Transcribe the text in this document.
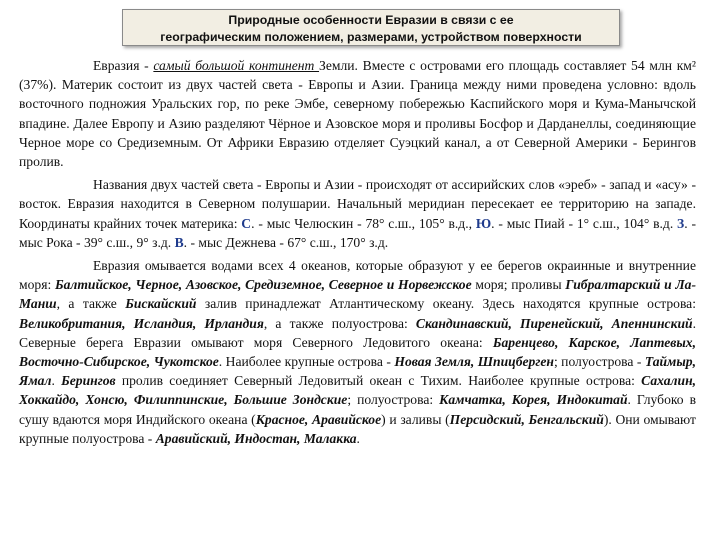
Природные особенности Евразии в связи с ее
географическим положением, размерами, устройством поверхности

Евразия - самый большой континент Земли. Вместе с островами его площадь составляет 54 млн км² (37%). Материк состоит из двух частей света - Европы и Азии. Граница между ними проведена условно: вдоль восточного подножия Уральских гор, по реке Эмбе, северному побережью Каспийского моря и Кума-Манычской впадине. Далее Европу и Азию разделяют Чёрное и Азовское моря и проливы Босфор и Дарданеллы, соединяющие Черное море со Средиземным. От Африки Евразию отделяет Суэцкий канал, а от Северной Америки - Берингов пролив.

Названия двух частей света - Европы и Азии - происходят от ассирийских слов «эреб» - запад и «асу» - восток. Евразия находится в Северном полушарии. Начальный меридиан пересекает ее территорию на западе. Координаты крайних точек материка: С. - мыс Челюскин - 78° с.ш., 105° в.д., Ю. - мыс Пиай - 1° с.ш., 104° в.д. З. - мыс Рока - 39° с.ш., 9° з.д. В. - мыс Дежнева - 67° с.ш., 170° з.д.

Евразия омывается водами всех 4 океанов, которые образуют у ее берегов окраинные и внутренние моря: Балтийское, Черное, Азовское, Средиземное, Северное и Норвежское моря; проливы Гибралтарский и Ла-Манш, а также Бискайский залив принадлежат Атлантическому океану. Здесь находятся крупные острова: Великобритания, Исландия, Ирландия, а также полуострова: Скандинавский, Пиренейский, Апеннинский. Северные берега Евразии омывают моря Северного Ледовитого океана: Баренцево, Карское, Лаптевых, Восточно-Сибирское, Чукотское. Наиболее крупные острова - Новая Земля, Шпицберген; полуострова - Таймыр, Ямал. Берингов пролив соединяет Северный Ледовитый океан с Тихим. Наиболее крупные острова: Сахалин, Хоккайдо, Хонсю, Филиппинские, Большие Зондские; полуострова: Камчатка, Корея, Индокитай. Глубоко в сушу вдаются моря Индийского океана (Красное, Аравийское) и заливы (Персидский, Бенгальский). Они омывают крупные полуострова - Аравийский, Индостан, Малакка.
